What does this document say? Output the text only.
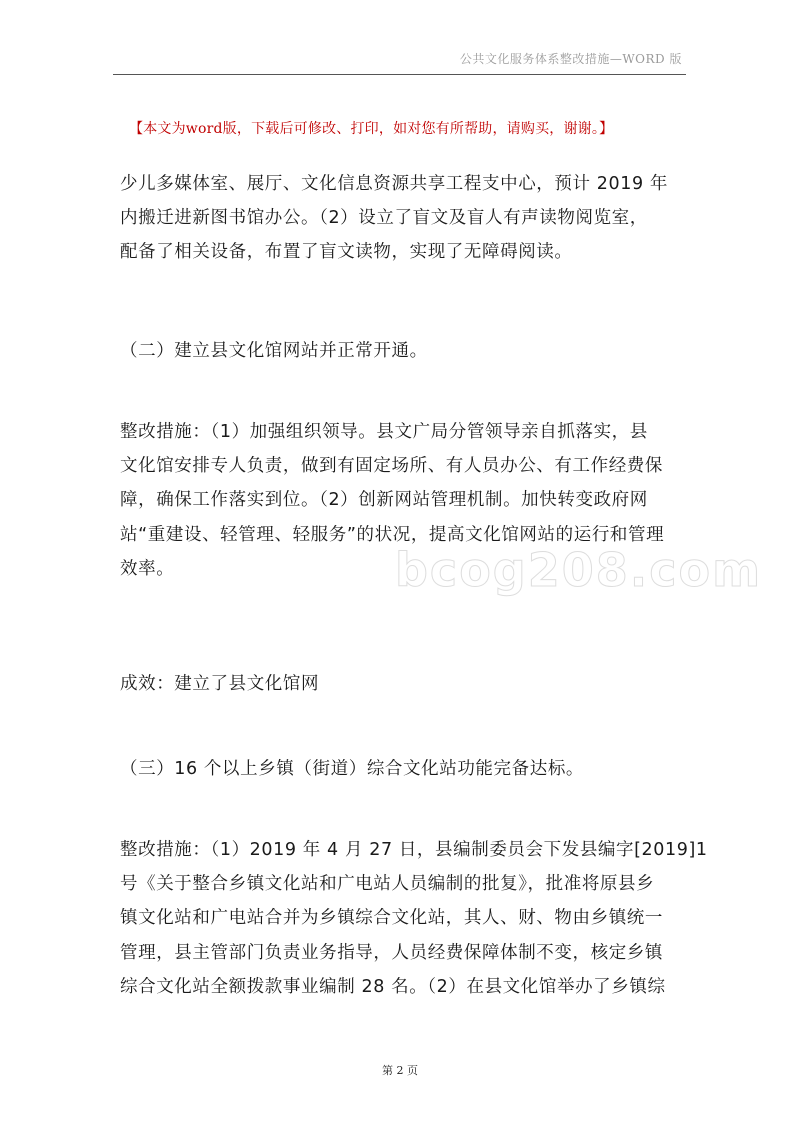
公共文化服务体系整改措施—WORD 版
【本文为word版，下载后可修改、打印，如对您有所帮助，请购买，谢谢。】
bcog208.com

少儿多媒体室、展厅、文化信息资源共享工程支中心，预计 2019 年
内搬迁进新图书馆办公。（2）设立了盲文及盲人有声读物阅览室，
配备了相关设备，布置了盲文读物，实现了无障碍阅读。

（二）建立县文化馆网站并正常开通。

整改措施：（1）加强组织领导。县文广局分管领导亲自抓落实，县
文化馆安排专人负责，做到有固定场所、有人员办公、有工作经费保
障，确保工作落实到位。（2）创新网站管理机制。加快转变政府网
站“重建设、轻管理、轻服务”的状况，提高文化馆网站的运行和管理
效率。

成效：建立了县文化馆网

（三）16 个以上乡镇（街道）综合文化站功能完备达标。

整改措施：（1）2019 年 4 月 27 日，县编制委员会下发县编字[2019]1
号《关于整合乡镇文化站和广电站人员编制的批复》，批准将原县乡
镇文化站和广电站合并为乡镇综合文化站，其人、财、物由乡镇统一
管理，县主管部门负责业务指导，人员经费保障体制不变，核定乡镇
综合文化站全额拨款事业编制 28 名。（2）在县文化馆举办了乡镇综

第 2 页
